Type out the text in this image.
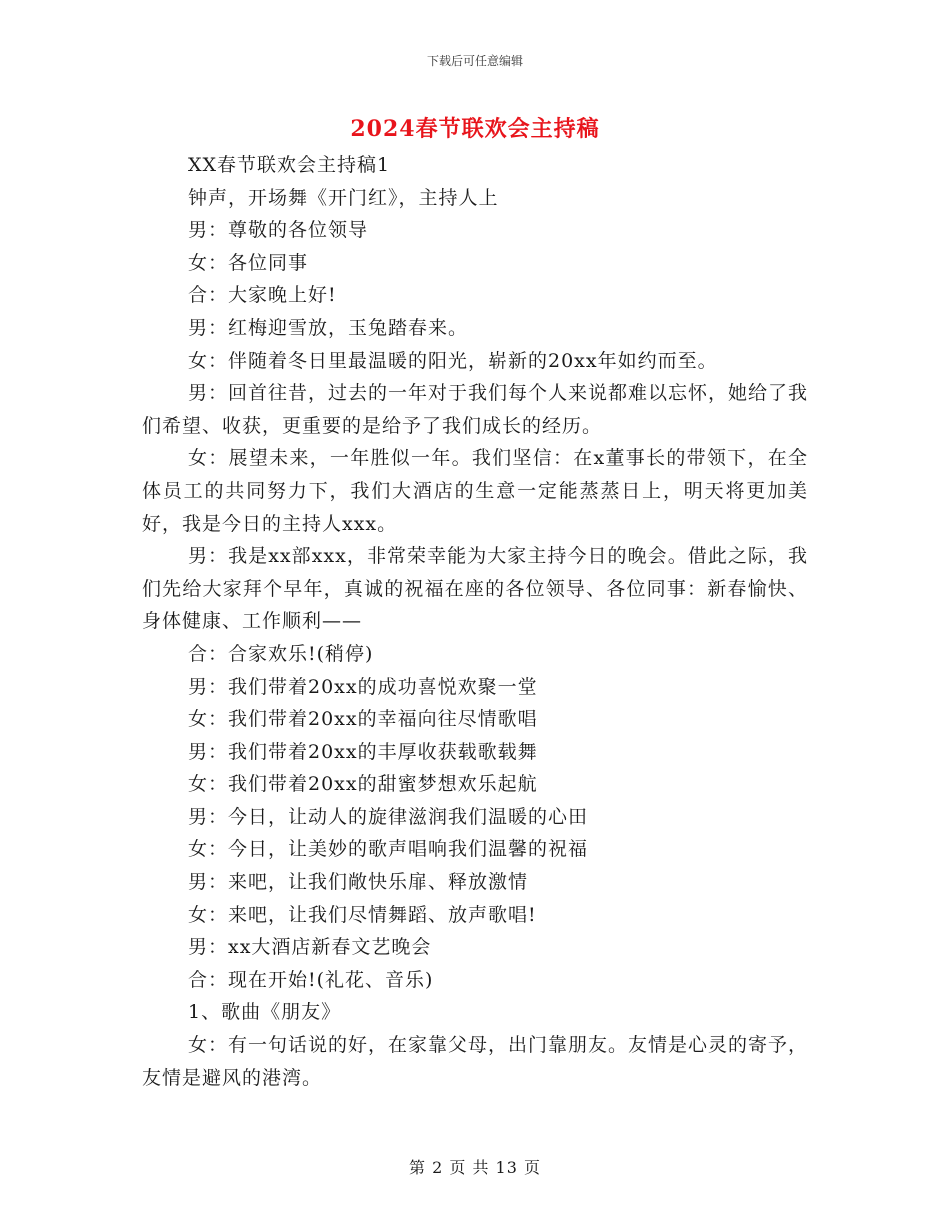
下载后可任意编辑
2024春节联欢会主持稿

XX春节联欢会主持稿1

钟声，开场舞《开门红》，主持人上

男：尊敬的各位领导

女：各位同事

合：大家晚上好!

男：红梅迎雪放，玉兔踏春来。

女：伴随着冬日里最温暖的阳光，崭新的20xx年如约而至。

男：回首往昔，过去的一年对于我们每个人来说都难以忘怀，她给了我们希望、收获，更重要的是给予了我们成长的经历。

女：展望未来，一年胜似一年。我们坚信：在x董事长的带领下，在全体员工的共同努力下，我们大酒店的生意一定能蒸蒸日上，明天将更加美好，我是今日的主持人xxx。

男：我是xx部xxx，非常荣幸能为大家主持今日的晚会。借此之际，我们先给大家拜个早年，真诚的祝福在座的各位领导、各位同事：新春愉快、身体健康、工作顺利——

合：合家欢乐!(稍停)

男：我们带着20xx的成功喜悦欢聚一堂

女：我们带着20xx的幸福向往尽情歌唱

男：我们带着20xx的丰厚收获载歌载舞

女：我们带着20xx的甜蜜梦想欢乐起航

男：今日，让动人的旋律滋润我们温暖的心田

女：今日，让美妙的歌声唱响我们温馨的祝福

男：来吧，让我们敞快乐扉、释放激情

女：来吧，让我们尽情舞蹈、放声歌唱!

男：xx大酒店新春文艺晚会

合：现在开始!(礼花、音乐)

1、歌曲《朋友》

女：有一句话说的好，在家靠父母，出门靠朋友。友情是心灵的寄予，友情是避风的港湾。

第 2 页 共 13 页
